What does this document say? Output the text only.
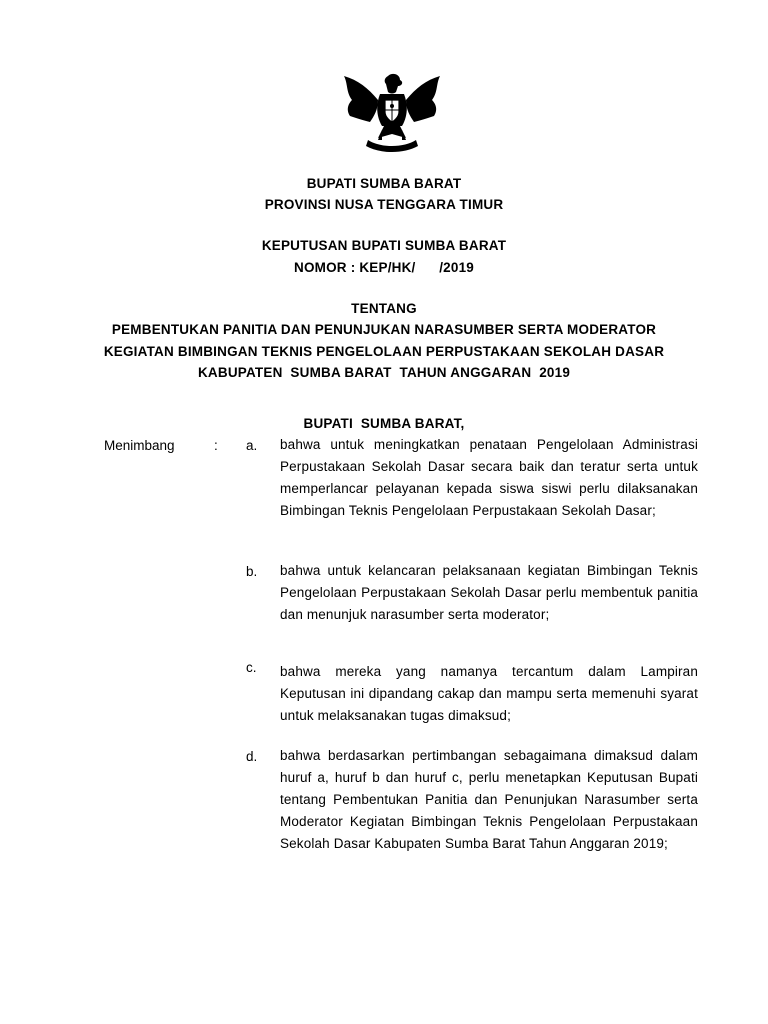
BUPATI SUMBA BARAT
PROVINSI NUSA TENGGARA TIMUR
KEPUTUSAN BUPATI SUMBA BARAT
NOMOR : KEP/HK/      /2019
TENTANG
PEMBENTUKAN PANITIA DAN PENUNJUKAN NARASUMBER SERTA MODERATOR
KEGIATAN BIMBINGAN TEKNIS PENGELOLAAN PERPUSTAKAAN SEKOLAH DASAR
KABUPATEN  SUMBA BARAT  TAHUN ANGGARAN  2019
BUPATI  SUMBA BARAT,
Menimbang	: a. bahwa untuk meningkatkan penataan Pengelolaan Administrasi Perpustakaan Sekolah Dasar secara baik dan teratur serta untuk memperlancar pelayanan kepada siswa siswi perlu dilaksanakan Bimbingan Teknis Pengelolaan Perpustakaan Sekolah Dasar;

b. bahwa untuk kelancaran pelaksanaan kegiatan Bimbingan Teknis Pengelolaan Perpustakaan Sekolah Dasar perlu membentuk panitia dan menunjuk narasumber serta moderator;

c. bahwa mereka yang namanya tercantum dalam Lampiran Keputusan ini dipandang cakap dan mampu serta memenuhi syarat untuk melaksanakan tugas dimaksud;

d. bahwa berdasarkan pertimbangan sebagaimana dimaksud dalam huruf a, huruf b dan huruf c, perlu menetapkan Keputusan Bupati tentang Pembentukan Panitia dan Penunjukan Narasumber serta Moderator Kegiatan Bimbingan Teknis Pengelolaan Perpustakaan Sekolah Dasar Kabupaten Sumba Barat Tahun Anggaran 2019;
